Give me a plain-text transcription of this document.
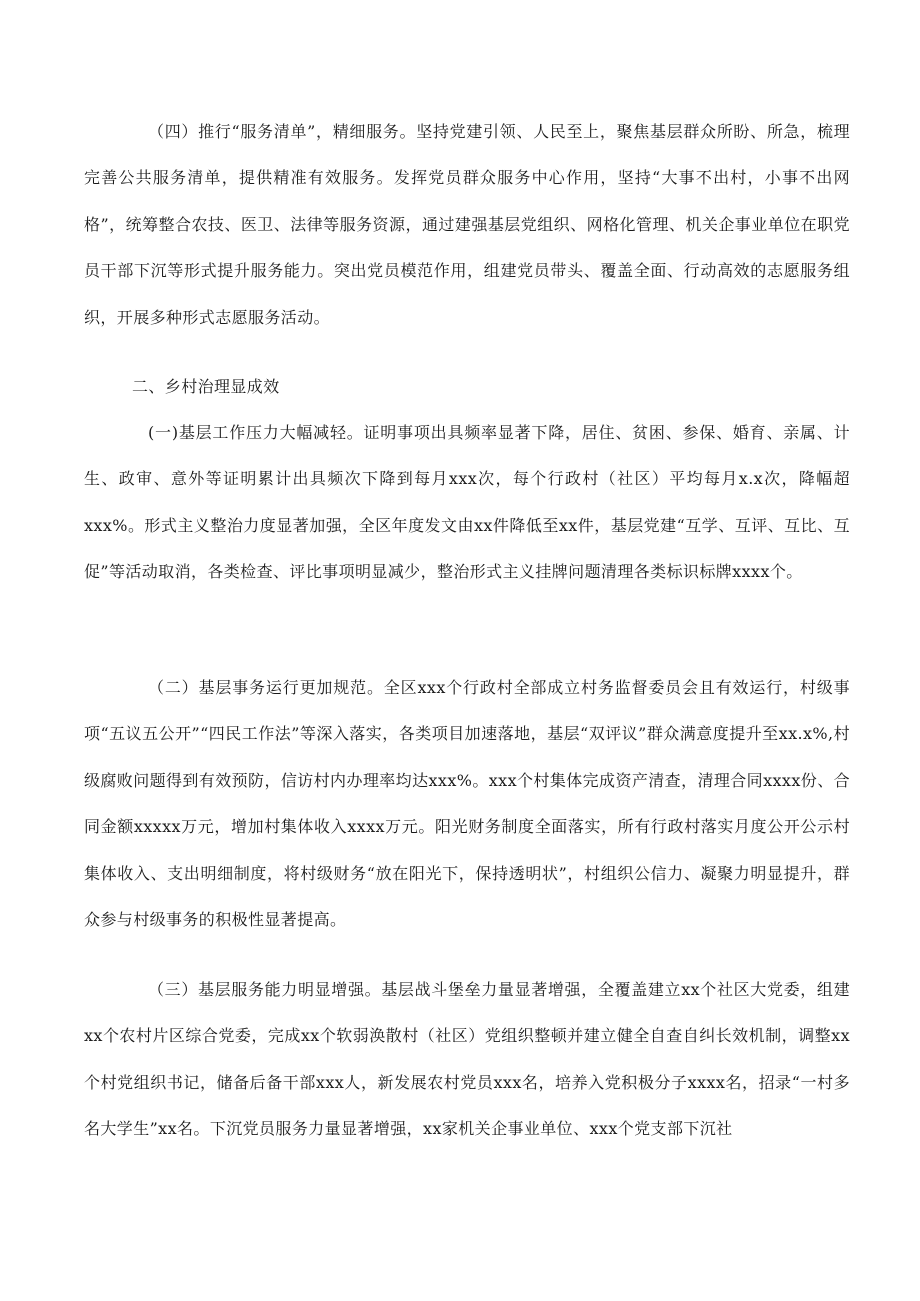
（四）推行“服务清单”，精细服务。坚持党建引领、人民至上，聚焦基层群众所盼、所急，梳理完善公共服务清单，提供精准有效服务。发挥党员群众服务中心作用，坚持“大事不出村，小事不出网格”，统筹整合农技、医卫、法律等服务资源，通过建强基层党组织、网格化管理、机关企事业单位在职党员干部下沉等形式提升服务能力。突出党员模范作用，组建党员带头、覆盖全面、行动高效的志愿服务组织，开展多种形式志愿服务活动。

二、乡村治理显成效

(一)基层工作压力大幅减轻。证明事项出具频率显著下降，居住、贫困、参保、婚育、亲属、计生、政审、意外等证明累计出具频次下降到每月xxx次，每个行政村（社区）平均每月x.x次，降幅超xxx%。形式主义整治力度显著加强，全区年度发文由xx件降低至xx件，基层党建“互学、互评、互比、互促”等活动取消，各类检查、评比事项明显减少，整治形式主义挂牌问题清理各类标识标牌xxxx个。

（二）基层事务运行更加规范。全区xxx个行政村全部成立村务监督委员会且有效运行，村级事项“五议五公开”“四民工作法”等深入落实，各类项目加速落地，基层“双评议”群众满意度提升至xx.x%,村级腐败问题得到有效预防，信访村内办理率均达xxx%。xxx个村集体完成资产清查，清理合同xxxx份、合同金额xxxxx万元，增加村集体收入xxxx万元。阳光财务制度全面落实，所有行政村落实月度公开公示村集体收入、支出明细制度，将村级财务“放在阳光下，保持透明状”，村组织公信力、凝聚力明显提升，群众参与村级事务的积极性显著提高。

（三）基层服务能力明显增强。基层战斗堡垒力量显著增强，全覆盖建立xx个社区大党委，组建xx个农村片区综合党委，完成xx个软弱涣散村（社区）党组织整顿并建立健全自查自纠长效机制，调整xx个村党组织书记，储备后备干部xxx人，新发展农村党员xxx名，培养入党积极分子xxxx名，招录“一村多名大学生”xx名。下沉党员服务力量显著增强，xx家机关企事业单位、xxx个党支部下沉社
